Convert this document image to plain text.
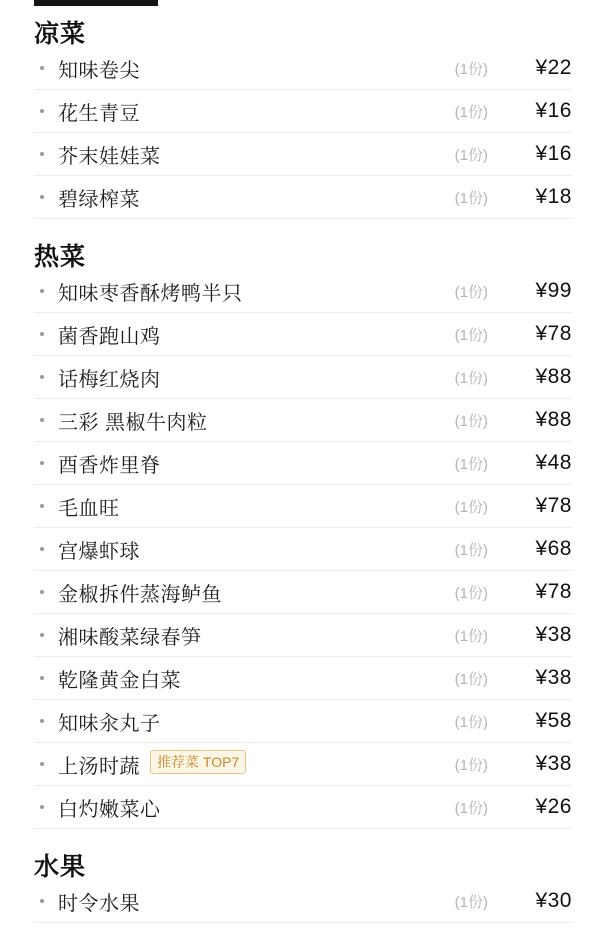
凉菜
知味卷尖	(1份)	¥22
花生青豆	(1份)	¥16
芥末娃娃菜	(1份)	¥16
碧绿榨菜	(1份)	¥18
热菜
知味枣香酥烤鸭半只	(1份)	¥99
菌香跑山鸡	(1份)	¥78
话梅红烧肉	(1份)	¥88
三彩 黑椒牛肉粒	(1份)	¥88
酉香炸里脊	(1份)	¥48
毛血旺	(1份)	¥78
宫爆虾球	(1份)	¥68
金椒拆件蒸海鲈鱼	(1份)	¥78
湘味酸菜绿春笋	(1份)	¥38
乾隆黄金白菜	(1份)	¥38
知味汆丸子	(1份)	¥58
上汤时蔬	推荐菜 TOP7	(1份)	¥38
白灼嫩菜心	(1份)	¥26
水果
时令水果	(1份)	¥30
